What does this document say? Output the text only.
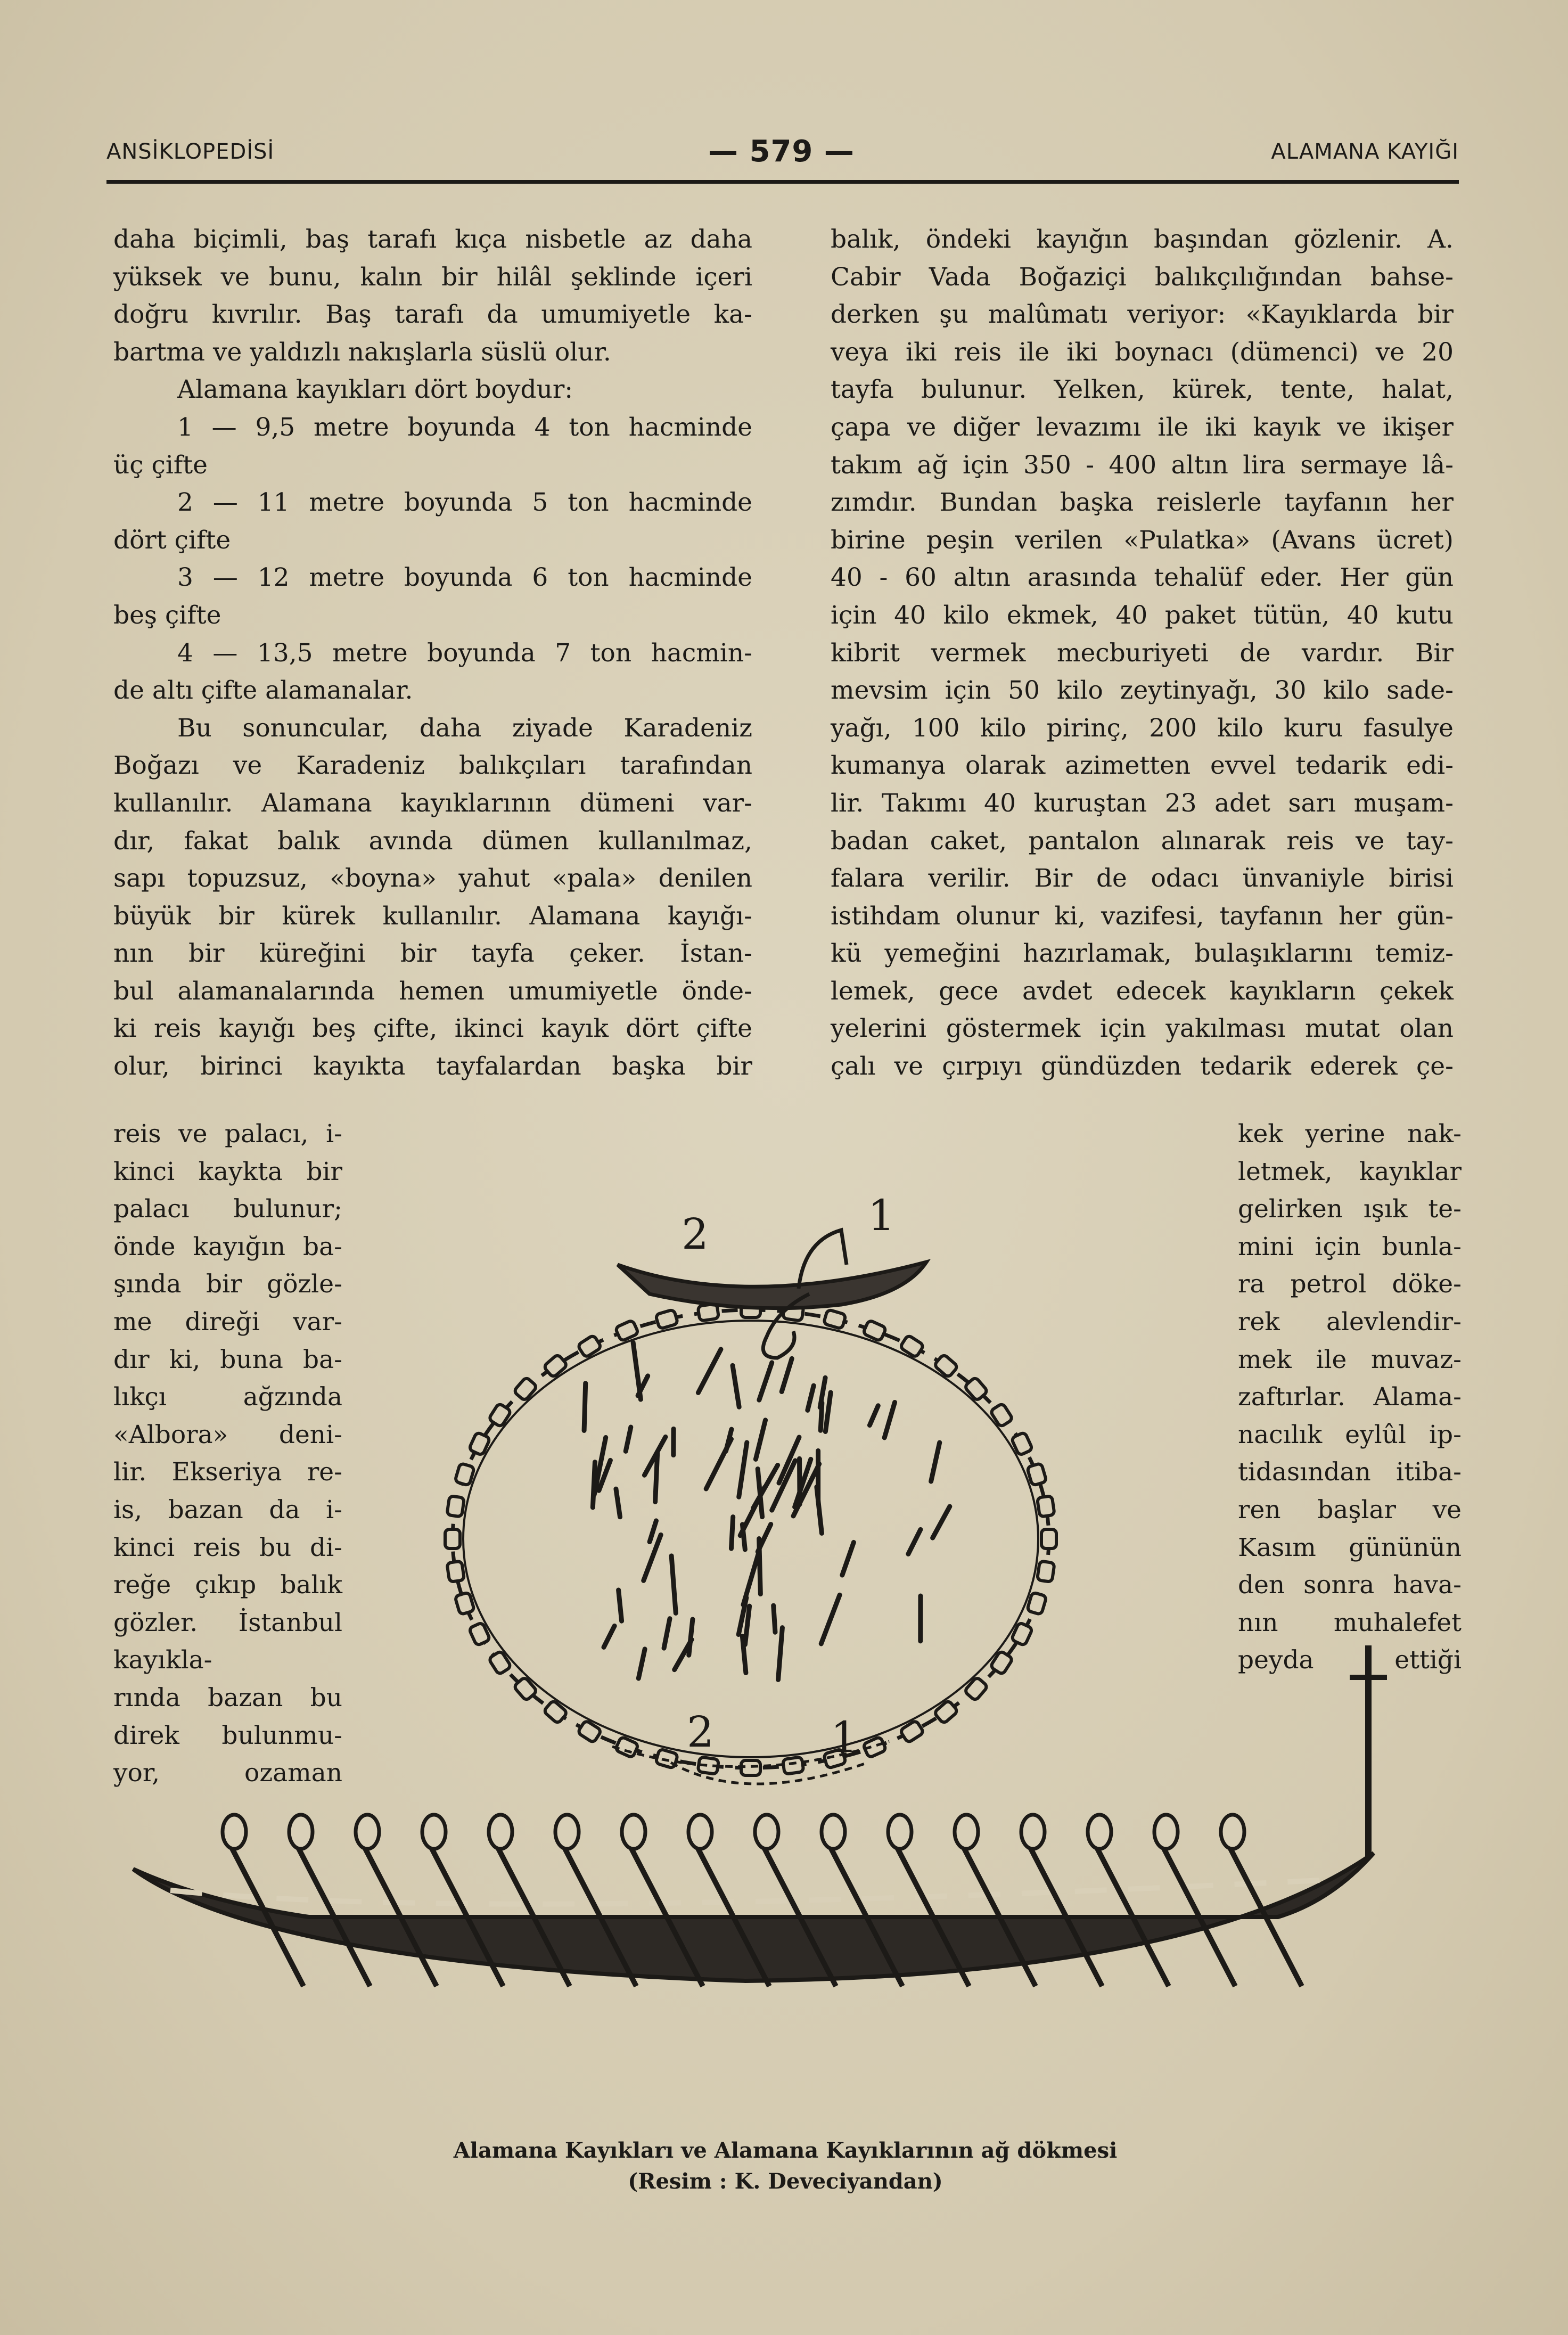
ANSİKLOPEDİSİ	— 579 —	ALAMANA KAYIĞI
daha biçimli, baş tarafı kıça nisbetle az daha
yüksek ve bunu, kalın bir hilâl şeklinde içeri
doğru kıvrılır. Baş tarafı da umumiyetle ka-
bartma ve yaldızlı nakışlarla süslü olur.
Alamana kayıkları dört boydur:
1 — 9,5 metre boyunda 4 ton hacminde
üç çifte
2 — 11 metre boyunda 5 ton hacminde
dört çifte
3 — 12 metre boyunda 6 ton hacminde
beş çifte
4 — 13,5 metre boyunda 7 ton hacmin-
de altı çifte alamanalar.
Bu sonuncular, daha ziyade Karadeniz
Boğazı ve Karadeniz balıkçıları tarafından
kullanılır. Alamana kayıklarının dümeni var-
dır, fakat balık avında dümen kullanılmaz,
sapı topuzsuz, «boyna» yahut «pala» denilen
büyük bir kürek kullanılır. Alamana kayığı-
nın bir küreğini bir tayfa çeker. İstan-
bul alamanalarında hemen umumiyetle önde-
ki reis kayığı beş çifte, ikinci kayık dört çifte
olur, birinci kayıkta tayfalardan başka bir
balık, öndeki kayığın başından gözlenir. A.
Cabir Vada Boğaziçi balıkçılığından bahse-
derken şu malûmatı veriyor: «Kayıklarda bir
veya iki reis ile iki boynacı (dümenci) ve 20
tayfa bulunur. Yelken, kürek, tente, halat,
çapa ve diğer levazımı ile iki kayık ve ikişer
takım ağ için 350 - 400 altın lira sermaye lâ-
zımdır. Bundan başka reislerle tayfanın her
birine peşin verilen «Pulatka» (Avans ücret)
40 - 60 altın arasında tehalüf eder. Her gün
için 40 kilo ekmek, 40 paket tütün, 40 kutu
kibrit vermek mecburiyeti de vardır. Bir
mevsim için 50 kilo zeytinyağı, 30 kilo sade-
yağı, 100 kilo pirinç, 200 kilo kuru fasulye
kumanya olarak azimetten evvel tedarik edi-
lir. Takımı 40 kuruştan 23 adet sarı muşam-
badan caket, pantalon alınarak reis ve tay-
falara verilir. Bir de odacı ünvaniyle birisi
istihdam olunur ki, vazifesi, tayfanın her gün-
kü yemeğini hazırlamak, bulaşıklarını temiz-
lemek, gece avdet edecek kayıkların çekek
yelerini göstermek için yakılması mutat olan
çalı ve çırpıyı gündüzden tedarik ederek çe-
reis ve palacı, i-
kinci kaykta bir
palacı bulunur;
önde kayığın ba-
şında bir gözle-
me direği var-
dır ki, buna ba-
lıkçı ağzında
«Albora» deni-
lir. Ekseriya re-
is, bazan da i-
kinci reis bu di-
reğe çıkıp balık
gözler. İstanbul
kayıkla-
rında bazan bu
direk bulunmu-
yor, ozaman
kek yerine nak-
letmek, kayıklar
gelirken ışık te-
mini için bunla-
ra petrol döke-
rek alevlendir-
mek ile muvaz-
zaftırlar. Alama-
nacılık eylûl ip-
tidasından itiba-
ren başlar ve
Kasım gününün
den sonra hava-
nın muhalefet
peyda ettiği
2	1
2	1
Alamana Kayıkları ve Alamana Kayıklarının ağ dökmesi
(Resim : K. Deveciyandan)
